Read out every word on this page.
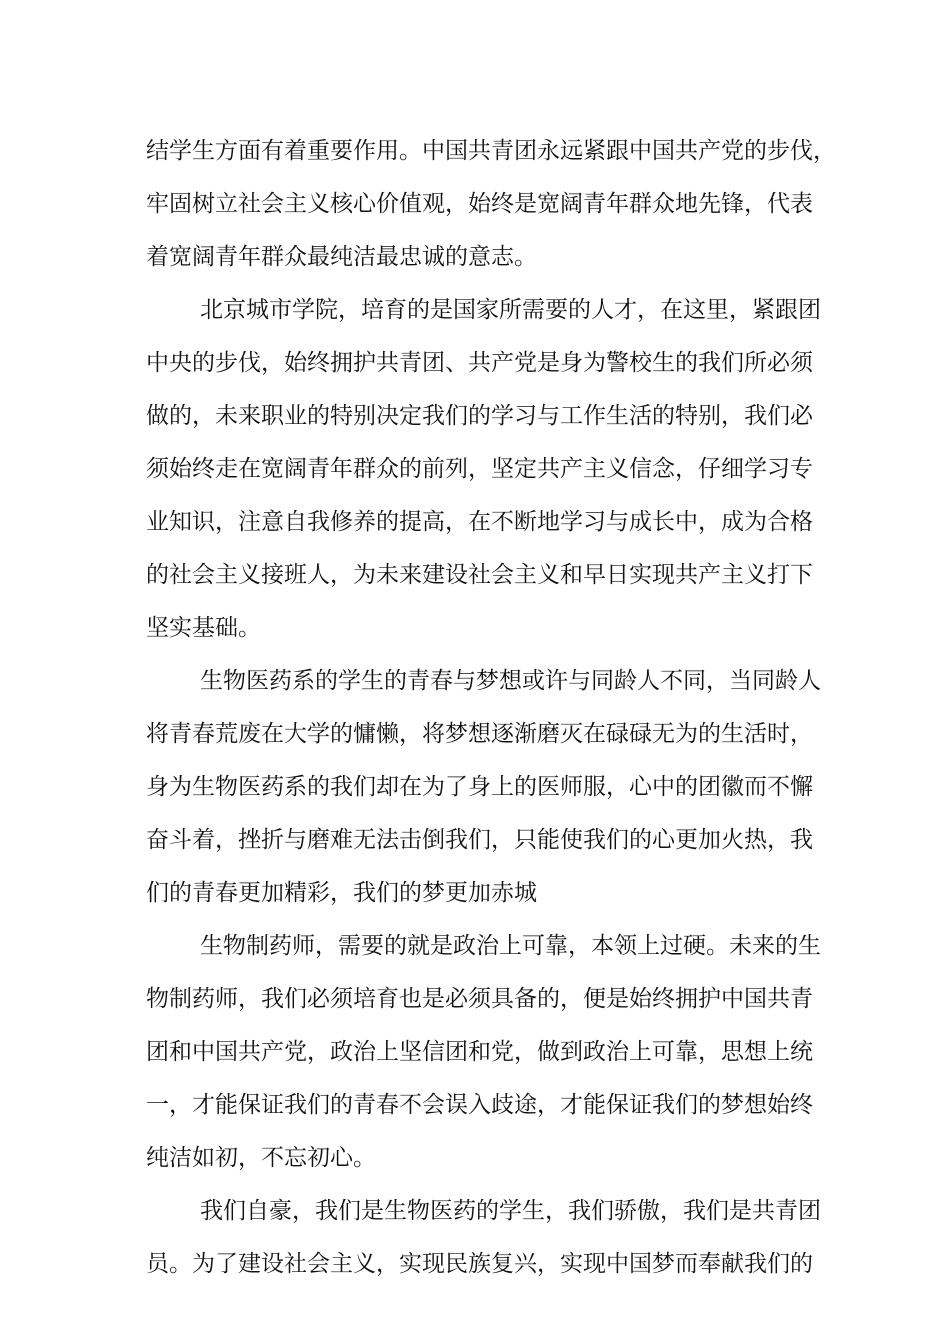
结学生方面有着重要作用。中国共青团永远紧跟中国共产党的步伐，
牢固树立社会主义核心价值观，始终是宽阔青年群众地先锋，代表
着宽阔青年群众最纯洁最忠诚的意志。
北京城市学院，培育的是国家所需要的人才，在这里，紧跟团
中央的步伐，始终拥护共青团、共产党是身为警校生的我们所必须
做的，未来职业的特别决定我们的学习与工作生活的特别，我们必
须始终走在宽阔青年群众的前列，坚定共产主义信念，仔细学习专
业知识，注意自我修养的提高，在不断地学习与成长中，成为合格
的社会主义接班人，为未来建设社会主义和早日实现共产主义打下
坚实基础。
生物医药系的学生的青春与梦想或许与同龄人不同，当同龄人
将青春荒废在大学的慵懒，将梦想逐渐磨灭在碌碌无为的生活时，
身为生物医药系的我们却在为了身上的医师服，心中的团徽而不懈
奋斗着，挫折与磨难无法击倒我们，只能使我们的心更加火热，我
们的青春更加精彩，我们的梦更加赤城
生物制药师，需要的就是政治上可靠，本领上过硬。未来的生
物制药师，我们必须培育也是必须具备的，便是始终拥护中国共青
团和中国共产党，政治上坚信团和党，做到政治上可靠，思想上统
一，才能保证我们的青春不会误入歧途，才能保证我们的梦想始终
纯洁如初，不忘初心。
我们自豪，我们是生物医药的学生，我们骄傲，我们是共青团
员。为了建设社会主义，实现民族复兴，实现中国梦而奉献我们的
